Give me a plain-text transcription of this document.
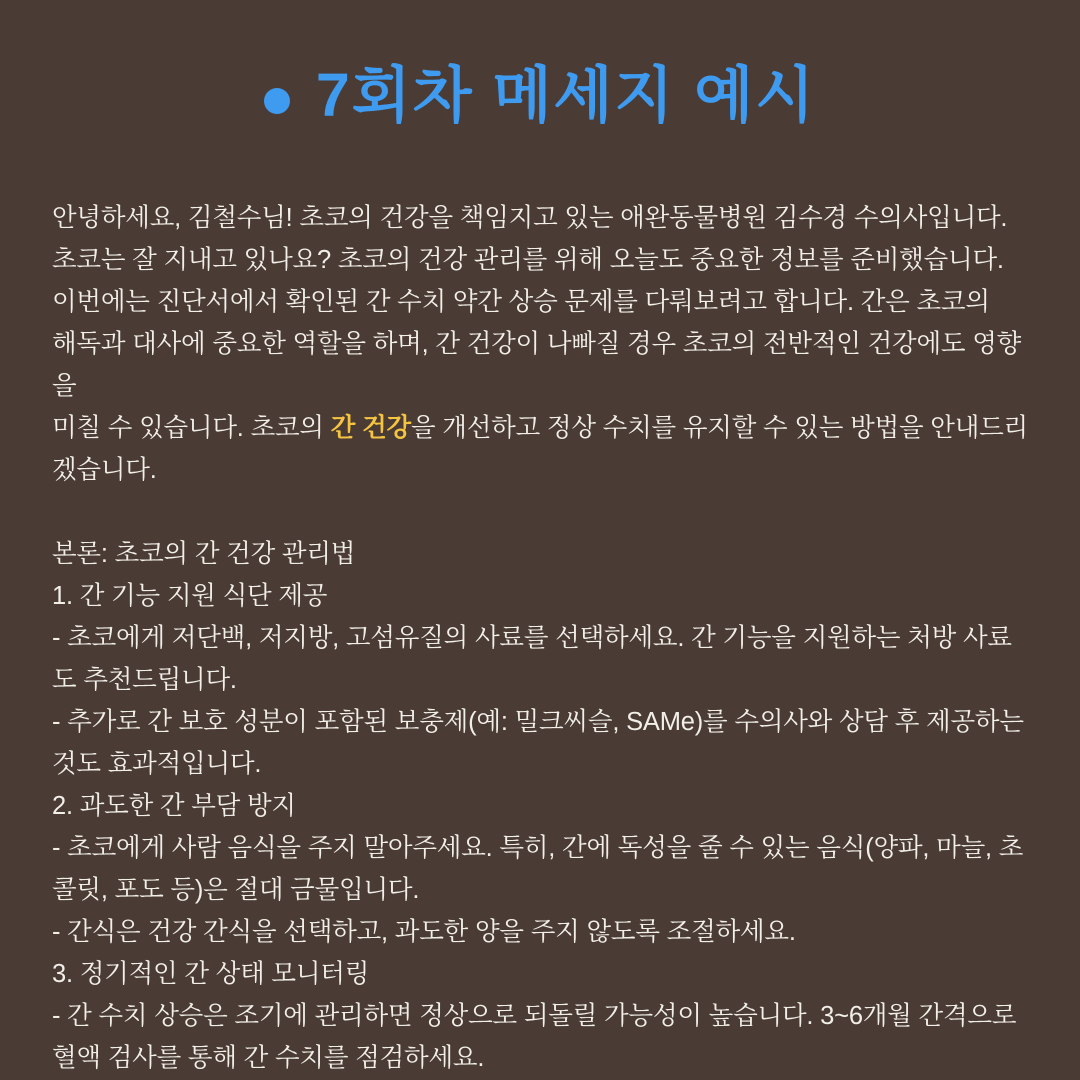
7회차 메세지 예시

안녕하세요, 김철수님! 초코의 건강을 책임지고 있는 애완동물병원 김수경 수의사입니다.

초코는 잘 지내고 있나요? 초코의 건강 관리를 위해 오늘도 중요한 정보를 준비했습니다.

이번에는 진단서에서 확인된 간 수치 약간 상승 문제를 다뤄보려고 합니다. 간은 초코의

해독과 대사에 중요한 역할을 하며, 간 건강이 나빠질 경우 초코의 전반적인 건강에도 영향을

미칠 수 있습니다. 초코의 간 건강을 개선하고 정상 수치를 유지할 수 있는 방법을 안내드리

겠습니다.

본론: 초코의 간 건강 관리법

1. 간 기능 지원 식단 제공

- 초코에게 저단백, 저지방, 고섬유질의 사료를 선택하세요. 간 기능을 지원하는 처방 사료

도 추천드립니다.

- 추가로 간 보호 성분이 포함된 보충제(예: 밀크씨슬, SAMe)를 수의사와 상담 후 제공하는

것도 효과적입니다.

2. 과도한 간 부담 방지

- 초코에게 사람 음식을 주지 말아주세요. 특히, 간에 독성을 줄 수 있는 음식(양파, 마늘, 초

콜릿, 포도 등)은 절대 금물입니다.

- 간식은 건강 간식을 선택하고, 과도한 양을 주지 않도록 조절하세요.

3. 정기적인 간 상태 모니터링

- 간 수치 상승은 조기에 관리하면 정상으로 되돌릴 가능성이 높습니다. 3~6개월 간격으로

혈액 검사를 통해 간 수치를 점검하세요.
